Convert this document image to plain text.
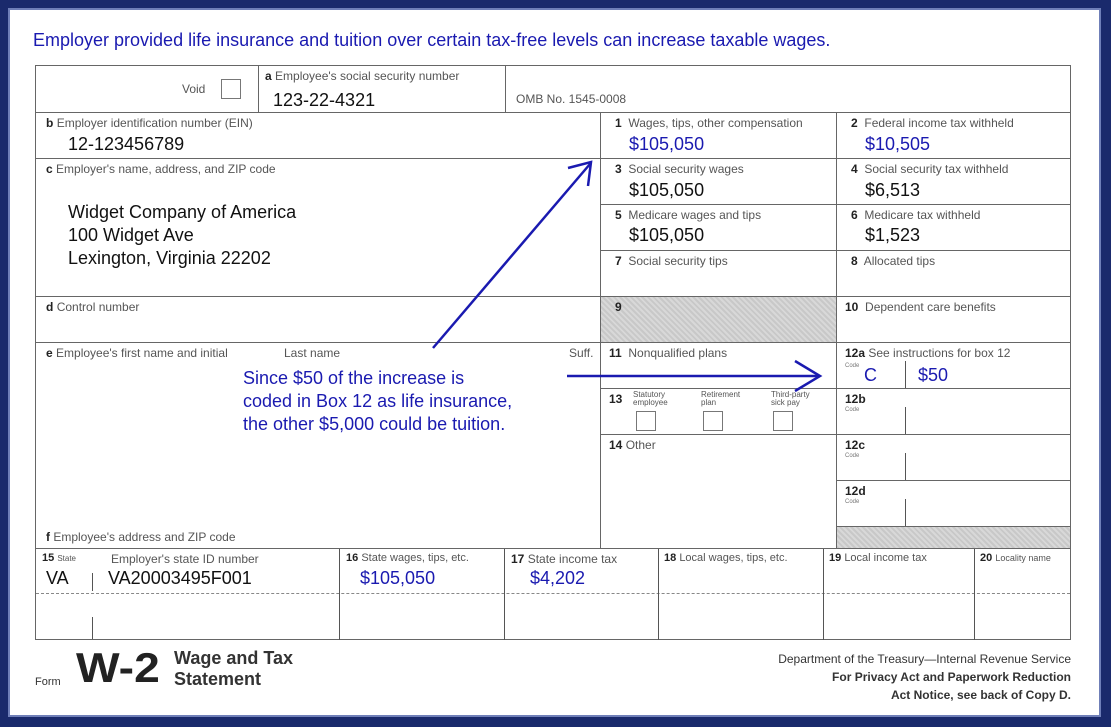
Employer provided life insurance and tuition over certain tax-free levels can increase taxable wages.
Void
a Employee's social security number
123-22-4321	OMB No. 1545-0008
b Employer identification number (EIN)
12-123456789
c Employer's name, address, and ZIP code
Widget Company of America
100 Widget Ave
Lexington, Virginia 22202
d Control number
e Employee's first name and initial	Last name	Suff.
f Employee's address and ZIP code
1 Wages, tips, other compensation
$105,050
2 Federal income tax withheld
$10,505
3 Social security wages
$105,050
4 Social security tax withheld
$6,513
5 Medicare wages and tips
$105,050
6 Medicare tax withheld
$1,523
7 Social security tips	8 Allocated tips
9	10 Dependent care benefits
11 Nonqualified plans
13 Statutory employee
Retirement plan
Third-party sick pay
14 Other
12a See instructions for box 12
Code C $50
12b
Code
12c
Code
12d
Code
15 State	Employer's state ID number
VA VA20003495F001
16 State wages, tips, etc.
$105,050
17 State income tax
$4,202
18 Local wages, tips, etc.	19 Local income tax	20 Locality name
Form W-2 Wage and Tax
Statement
Department of the Treasury—Internal Revenue Service
For Privacy Act and Paperwork Reduction
Act Notice, see back of Copy D.
Since $50 of the increase is
coded in Box 12 as life insurance,
the other $5,000 could be tuition.
